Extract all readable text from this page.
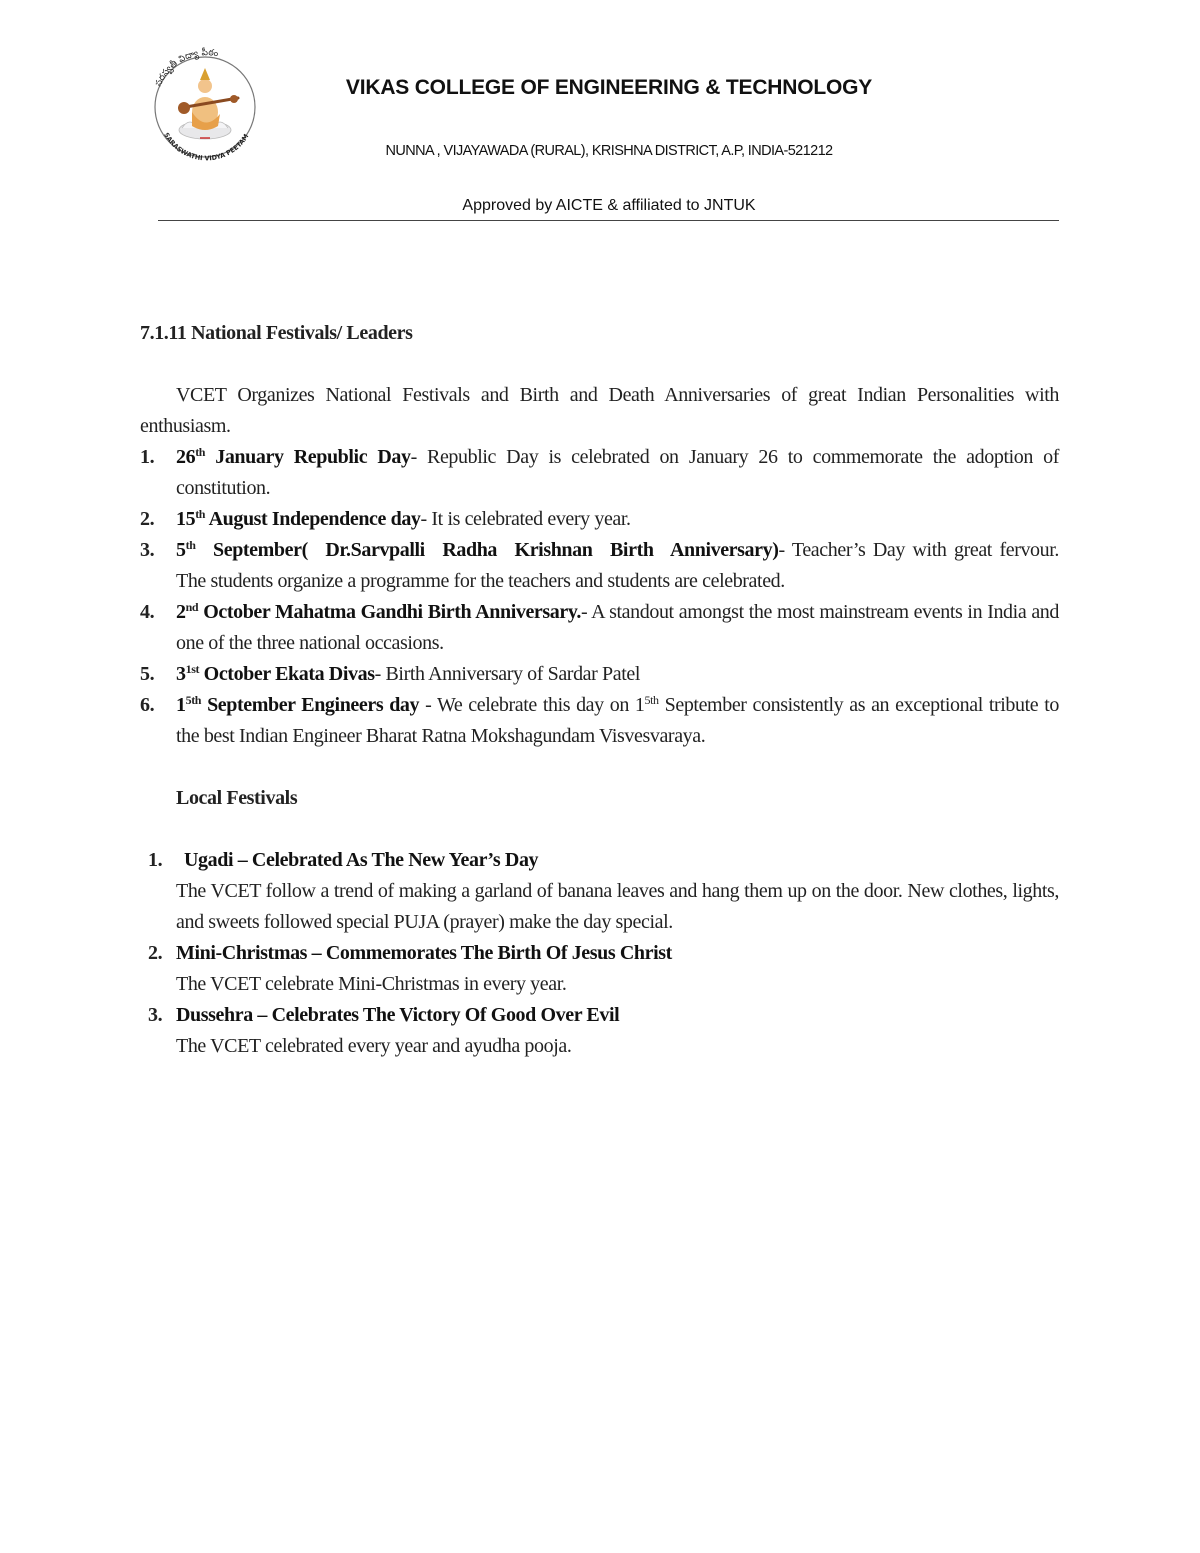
సరస్వతీ విద్యా పీఠం
SARASWATHI VIDYA PEETAM
VIKAS COLLEGE OF ENGINEERING & TECHNOLOGY
NUNNA , VIJAYAWADA (RURAL), KRISHNA DISTRICT, A.P, INDIA-521212
Approved by AICTE & affiliated to JNTUK

7.1.11 National Festivals/ Leaders

VCET Organizes National Festivals and Birth and Death Anniversaries of great Indian Personalities with enthusiasm.

1. 26th January Republic Day- Republic Day is celebrated on January 26 to commemorate the adoption of constitution.
2. 15th August Independence day- It is celebrated every year.
3. 5th September( Dr.Sarvpalli Radha Krishnan Birth Anniversary)- Teacher’s Day with great fervour. The students organize a programme for the teachers and students are celebrated.
4. 2nd October Mahatma Gandhi Birth Anniversary.- A standout amongst the most mainstream events in India and one of the three national occasions.
5. $3^{1st}$ October Ekata Divas- Birth Anniversary of Sardar Patel
6. $1^{5th}$ September Engineers day - We celebrate this day on $1^{5th}$ September consistently as an exceptional tribute to the best Indian Engineer Bharat Ratna Mokshagundam Visvesvaraya.
Local Festivals
1. Ugadi – Celebrated As The New Year’s Day
The VCET follow a trend of making a garland of banana leaves and hang them up on the door. New clothes, lights, and sweets followed special PUJA (prayer) make the day special.
2. Mini-Christmas – Commemorates The Birth Of Jesus Christ
The VCET celebrate Mini-Christmas in every year.
3. Dussehra – Celebrates The Victory Of Good Over Evil
The VCET celebrated every year and ayudha pooja.
